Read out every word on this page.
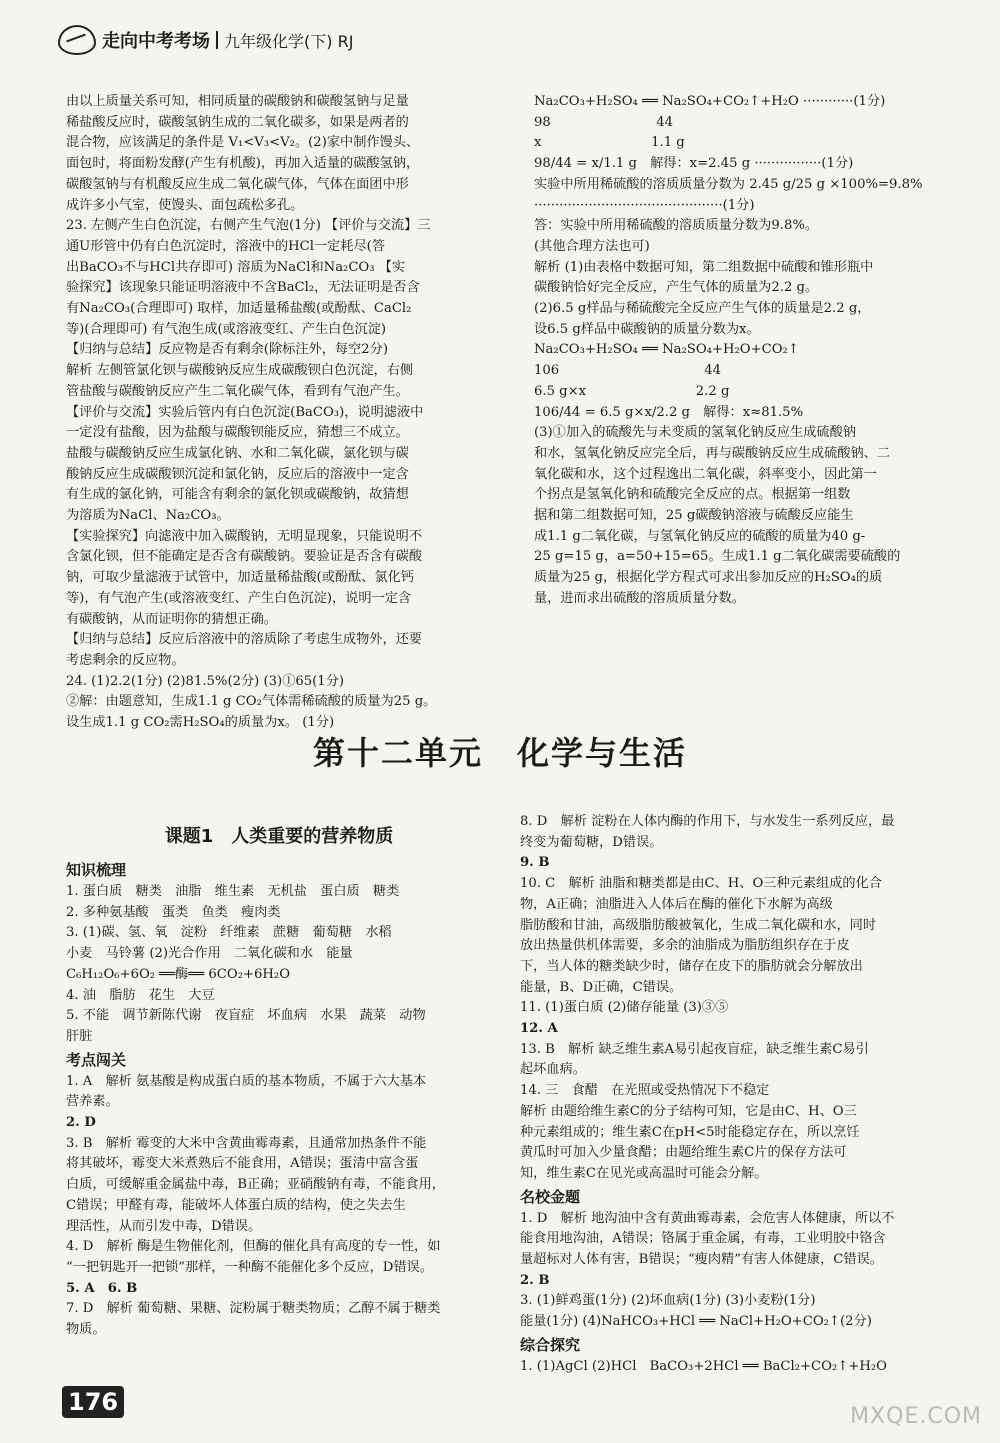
走向中考考场 九年级化学(下) RJ
由以上质量关系可知，相同质量的碳酸钠和碳酸氢钠与足量
稀盐酸反应时，碳酸氢钠生成的二氧化碳多，如果是两者的
混合物，应该满足的条件是 V₁<V₃<V₂。(2)家中制作馒头、
面包时，将面粉发酵(产生有机酸)，再加入适量的碳酸氢钠，
碳酸氢钠与有机酸反应生成二氧化碳气体，气体在面团中形
成许多小气室，使馒头、面包疏松多孔。
23. 左侧产生白色沉淀，右侧产生气泡(1分) 【评价与交流】三
通U形管中仍有白色沉淀时，溶液中的HCl一定耗尽(答
出BaCO₃不与HCl共存即可) 溶质为NaCl和Na₂CO₃ 【实
验探究】该现象只能证明溶液中不含BaCl₂，无法证明是否含
有Na₂CO₃(合理即可) 取样，加适量稀盐酸(或酚酞、CaCl₂
等)(合理即可) 有气泡生成(或溶液变红、产生白色沉淀)
【归纳与总结】反应物是否有剩余(除标注外，每空2分)
解析 左侧管氯化钡与碳酸钠反应生成碳酸钡白色沉淀，右侧
管盐酸与碳酸钠反应产生二氧化碳气体，看到有气泡产生。
【评价与交流】实验后管内有白色沉淀(BaCO₃)，说明滤液中
一定没有盐酸，因为盐酸与碳酸钡能反应，猜想三不成立。
盐酸与碳酸钠反应生成氯化钠、水和二氧化碳，氯化钡与碳
酸钠反应生成碳酸钡沉淀和氯化钠，反应后的溶液中一定含
有生成的氯化钠，可能含有剩余的氯化钡或碳酸钠，故猜想
为溶质为NaCl、Na₂CO₃。
【实验探究】向滤液中加入碳酸钠，无明显现象，只能说明不
含氯化钡，但不能确定是否含有碳酸钠。要验证是否含有碳酸
钠，可取少量滤液于试管中，加适量稀盐酸(或酚酞、氯化钙
等)，有气泡产生(或溶液变红、产生白色沉淀)，说明一定含
有碳酸钠，从而证明你的猜想正确。
【归纳与总结】反应后溶液中的溶质除了考虑生成物外，还要
考虑剩余的反应物。
24. (1)2.2(1分) (2)81.5%(2分) (3)①65(1分)
②解：由题意知，生成1.1 g CO₂气体需稀硫酸的质量为25 g。
设生成1.1 g CO₂需H₂SO₄的质量为x。 (1分)
Na₂CO₃+H₂SO₄ ══ Na₂SO₄+CO₂↑+H₂O ············(1分)
98　　　　　　　　44
x　　　　　　　　 1.1 g
98/44 = x/1.1 g　解得：x=2.45 g ················(1分)
实验中所用稀硫酸的溶质质量分数为 2.45 g/25 g ×100%=9.8%
·············································(1分)
答：实验中所用稀硫酸的溶质质量分数为9.8%。
(其他合理方法也可)
解析 (1)由表格中数据可知，第二组数据中硫酸和锥形瓶中
碳酸钠恰好完全反应，产生气体的质量为2.2 g。
(2)6.5 g样品与稀硫酸完全反应产生气体的质量是2.2 g，
设6.5 g样品中碳酸钠的质量分数为x。
Na₂CO₃+H₂SO₄ ══ Na₂SO₄+H₂O+CO₂↑
106　　　　　　　　　　　44
6.5 g×x　　　　　　　　 2.2 g
106/44 = 6.5 g×x/2.2 g　解得：x≈81.5%
(3)①加入的硫酸先与未变质的氢氧化钠反应生成硫酸钠
和水，氢氧化钠反应完全后，再与碳酸钠反应生成硫酸钠、二
氧化碳和水，这个过程逸出二氧化碳，斜率变小，因此第一
个拐点是氢氧化钠和硫酸完全反应的点。根据第一组数
据和第二组数据可知，25 g碳酸钠溶液与硫酸反应能生
成1.1 g二氧化碳，与氢氧化钠反应的硫酸的质量为40 g-
25 g=15 g，a=50+15=65。生成1.1 g二氧化碳需要硫酸的
质量为25 g，根据化学方程式可求出参加反应的H₂SO₄的质
量，进而求出硫酸的溶质质量分数。
第十二单元　化学与生活
课题1　人类重要的营养物质
知识梳理
1. 蛋白质　糖类　油脂　维生素　无机盐　蛋白质　糖类
2. 多种氨基酸　蛋类　鱼类　瘦肉类
3. (1)碳、氢、氧　淀粉　纤维素　蔗糖　葡萄糖　水稻
小麦　马铃薯 (2)光合作用　二氧化碳和水　能量
C₆H₁₂O₆+6O₂ ══酶══ 6CO₂+6H₂O
4. 油　脂肪　花生　大豆
5. 不能　调节新陈代谢　夜盲症　坏血病　水果　蔬菜　动物
肝脏
考点闯关
1. A　解析 氨基酸是构成蛋白质的基本物质，不属于六大基本
营养素。
2. D
3. B　解析 霉变的大米中含黄曲霉毒素，且通常加热条件不能
将其破坏，霉变大米煮熟后不能食用，A错误；蛋清中富含蛋
白质，可缓解重金属盐中毒，B正确；亚硝酸钠有毒，不能食用，
C错误；甲醛有毒，能破坏人体蛋白质的结构，使之失去生
理活性，从而引发中毒，D错误。
4. D　解析 酶是生物催化剂，但酶的催化具有高度的专一性，如
“一把钥匙开一把锁”那样，一种酶不能催化多个反应，D错误。
5. A　6. B
7. D　解析 葡萄糖、果糖、淀粉属于糖类物质；乙醇不属于糖类
物质。
8. D　解析 淀粉在人体内酶的作用下，与水发生一系列反应，最
终变为葡萄糖，D错误。
9. B
10. C　解析 油脂和糖类都是由C、H、O三种元素组成的化合
物，A正确；油脂进入人体后在酶的催化下水解为高级
脂肪酸和甘油，高级脂肪酸被氧化，生成二氧化碳和水，同时
放出热量供机体需要，多余的油脂成为脂肪组织存在于皮
下，当人体的糖类缺少时，储存在皮下的脂肪就会分解放出
能量，B、D正确，C错误。
11. (1)蛋白质 (2)储存能量 (3)③⑤
12. A
13. B　解析 缺乏维生素A易引起夜盲症，缺乏维生素C易引
起坏血病。
14. 三　食醋　在光照或受热情况下不稳定
解析 由题给维生素C的分子结构可知，它是由C、H、O三
种元素组成的；维生素C在pH<5时能稳定存在，所以烹饪
黄瓜时可加入少量食醋；由题给维生素C片的保存方法可
知，维生素C在见光或高温时可能会分解。
名校金题
1. D　解析 地沟油中含有黄曲霉毒素，会危害人体健康，所以不
能食用地沟油，A错误；铬属于重金属，有毒，工业明胶中铬含
量超标对人体有害，B错误；“瘦肉精”有害人体健康，C错误。
2. B
3. (1)鲜鸡蛋(1分) (2)坏血病(1分) (3)小麦粉(1分)
能量(1分) (4)NaHCO₃+HCl ══ NaCl+H₂O+CO₂↑(2分)
综合探究
1. (1)AgCl (2)HCl　BaCO₃+2HCl ══ BaCl₂+CO₂↑+H₂O
176
MXQE.COM
